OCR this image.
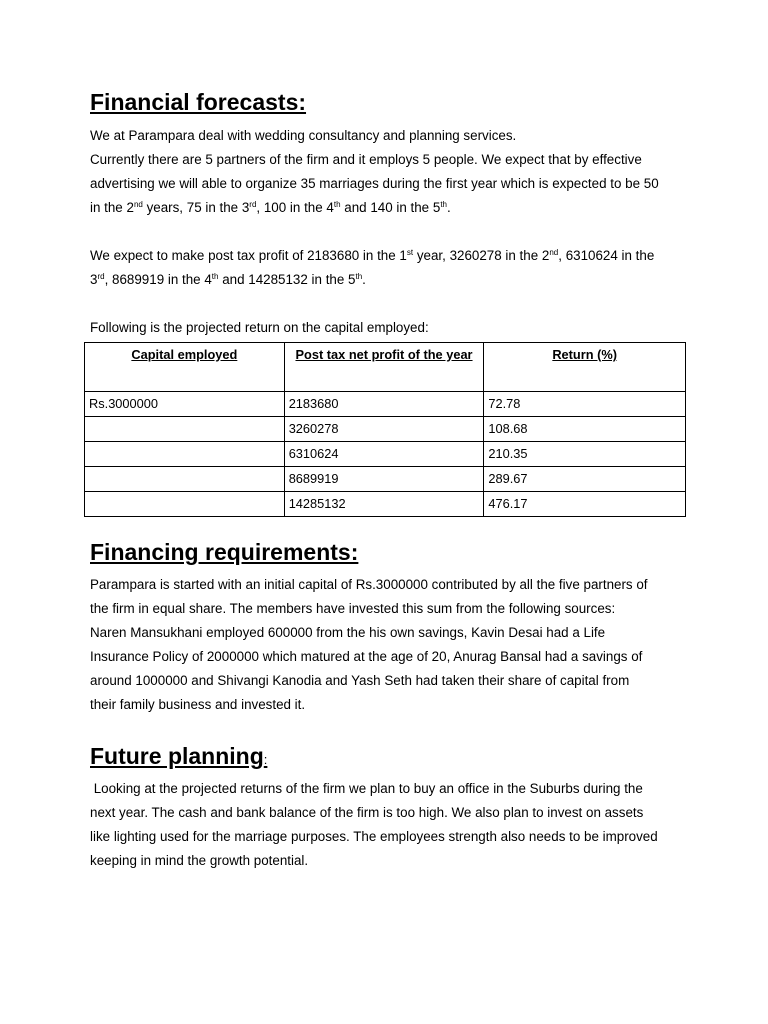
Financial forecasts:

We at Parampara deal with wedding consultancy and planning services.

Currently there are 5 partners of the firm and it employs 5 people. We expect that by effective

advertising we will able to organize 35 marriages during the first year which is expected to be 50

in the 2nd years, 75 in the 3rd, 100 in the 4th and 140 in the 5th.

We expect to make post tax profit of 2183680 in the 1st year, 3260278 in the 2nd, 6310624 in the

3rd, 8689919 in the 4th and 14285132 in the 5th.

Following is the projected return on the capital employed:

Capital employed	Post tax net profit of the year	Return (%)
Rs.3000000	2183680	72.78
	3260278	108.68
	6310624	210.35
	8689919	289.67
	14285132	476.17
Financing requirements:

Parampara is started with an initial capital of Rs.3000000 contributed by all the five partners of

the firm in equal share. The members have invested this sum from the following sources:

Naren Mansukhani employed 600000 from the his own savings, Kavin Desai had a Life

Insurance Policy of 2000000 which matured at the age of 20, Anurag Bansal had a savings of

around 1000000 and Shivangi Kanodia and Yash Seth had taken their share of capital from

their family business and invested it.

Future planning:

Looking at the projected returns of the firm we plan to buy an office in the Suburbs during the

next year. The cash and bank balance of the firm is too high. We also plan to invest on assets

like lighting used for the marriage purposes. The employees strength also needs to be improved

keeping in mind the growth potential.
